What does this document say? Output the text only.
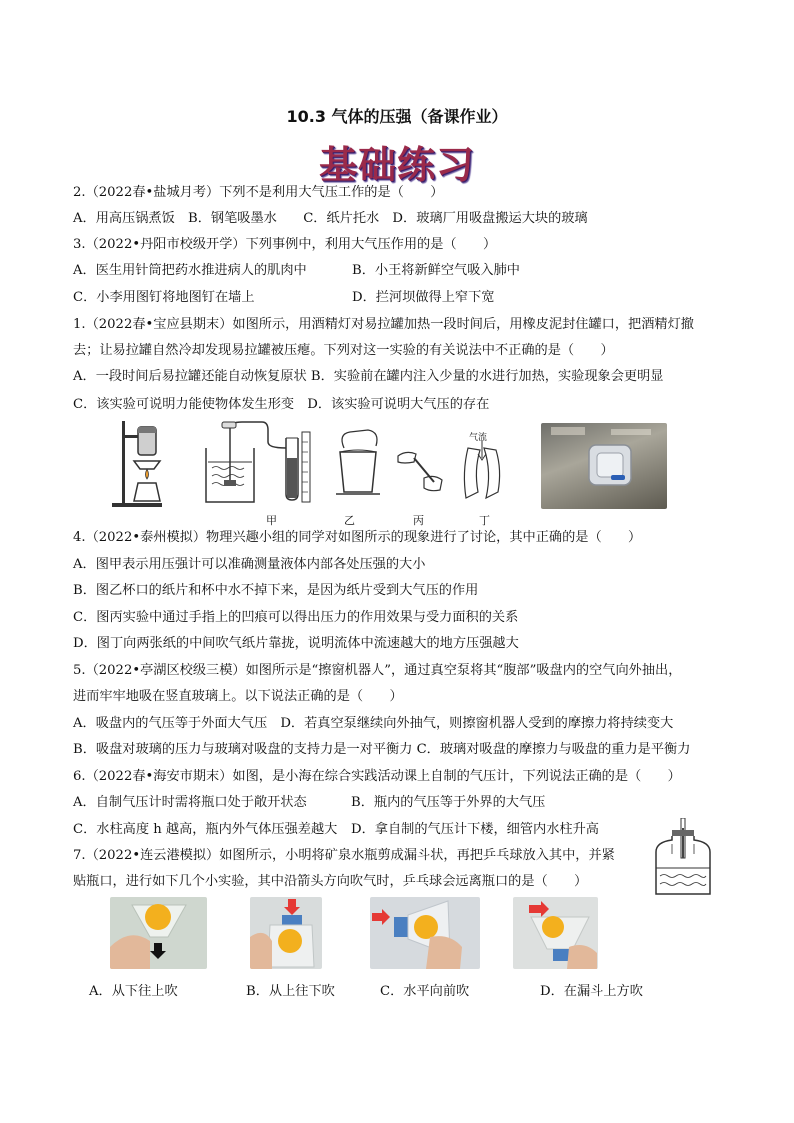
10.3 气体的压强（备课作业）
基础练习
2.（2022春•盐城月考）下列不是利用大气压工作的是（　　）
A．用高压锅煮饭　B．钢笔吸墨水　　C．纸片托水　D．玻璃厂用吸盘搬运大块的玻璃
3.（2022•丹阳市校级开学）下列事例中，利用大气压作用的是（　　）
A．医生用针筒把药水推进病人的肌肉中	B．小王将新鲜空气吸入肺中
C．小李用图钉将地图钉在墙上	D．拦河坝做得上窄下宽
1.（2022春•宝应县期末）如图所示，用酒精灯对易拉罐加热一段时间后，用橡皮泥封住罐口，把酒精灯撤
去；让易拉罐自然冷却发现易拉罐被压瘪。下列对这一实验的有关说法中不正确的是（　　）
A．一段时间后易拉罐还能自动恢复原状 B．实验前在罐内注入少量的水进行加热，实验现象会更明显
C．该实验可说明力能使物体发生形变　D．该实验可说明大气压的存在
甲	乙	丙
气流
丁
4.（2022•泰州模拟）物理兴趣小组的同学对如图所示的现象进行了讨论，其中正确的是（　　）
A．图甲表示用压强计可以准确测量液体内部各处压强的大小
B．图乙杯口的纸片和杯中水不掉下来，是因为纸片受到大气压的作用
C．图丙实验中通过手指上的凹痕可以得出压力的作用效果与受力面积的关系
D．图丁向两张纸的中间吹气纸片靠拢，说明流体中流速越大的地方压强越大
5.（2022•亭湖区校级三模）如图所示是“擦窗机器人”，通过真空泵将其“腹部”吸盘内的空气向外抽出，
进而牢牢地吸在竖直玻璃上。以下说法正确的是（　　）
A．吸盘内的气压等于外面大气压　D．若真空泵继续向外抽气，则擦窗机器人受到的摩擦力将持续变大
B．吸盘对玻璃的压力与玻璃对吸盘的支持力是一对平衡力 C．玻璃对吸盘的摩擦力与吸盘的重力是平衡力
6.（2022春•海安市期末）如图，是小海在综合实践活动课上自制的气压计，下列说法正确的是（　　）
A．自制气压计时需将瓶口处于敞开状态	B．瓶内的气压等于外界的大气压
C．水柱高度 h 越高，瓶内外气体压强差越大 D．拿自制的气压计下楼，细管内水柱升高
7.（2022•连云港模拟）如图所示，小明将矿泉水瓶剪成漏斗状，再把乒乓球放入其中，并紧
贴瓶口，进行如下几个小实验，其中沿箭头方向吹气时，乒乓球会远离瓶口的是（　　）
A．从下往上吹	B．从上往下吹	C．水平向前吹	D．在漏斗上方吹
